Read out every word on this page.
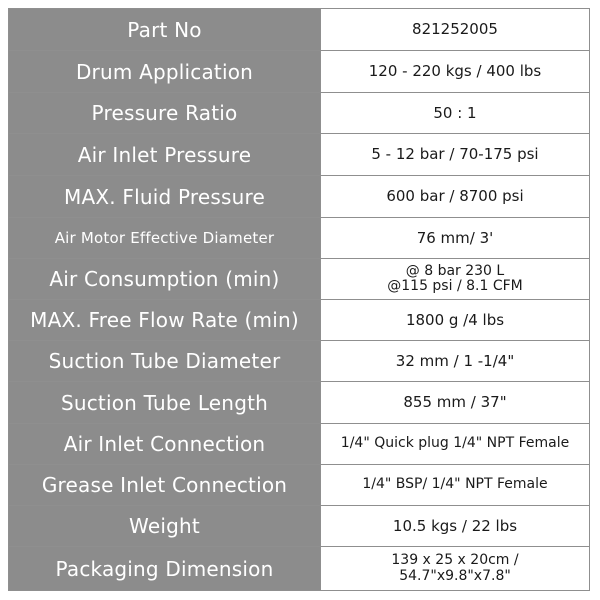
Part No	821252005
Drum Application	120 - 220 kgs / 400 lbs
Pressure Ratio	50 : 1
Air Inlet Pressure	5 - 12 bar / 70-175 psi
MAX. Fluid Pressure	600 bar / 8700 psi
Air Motor Effective Diameter	76 mm/ 3'
Air Consumption (min)	@ 8 bar 230 L
@115 psi / 8.1 CFM

MAX. Free Flow Rate (min)	1800 g /4 lbs
Suction Tube Diameter	32 mm / 1 -1/4"
Suction Tube Length	855 mm / 37"
Air Inlet Connection	1/4" Quick plug 1/4" NPT Female
Grease Inlet Connection	1/4" BSP/ 1/4" NPT Female
Weight	10.5 kgs / 22 lbs
Packaging Dimension	139 x 25 x 20cm /
54.7"x9.8"x7.8"
